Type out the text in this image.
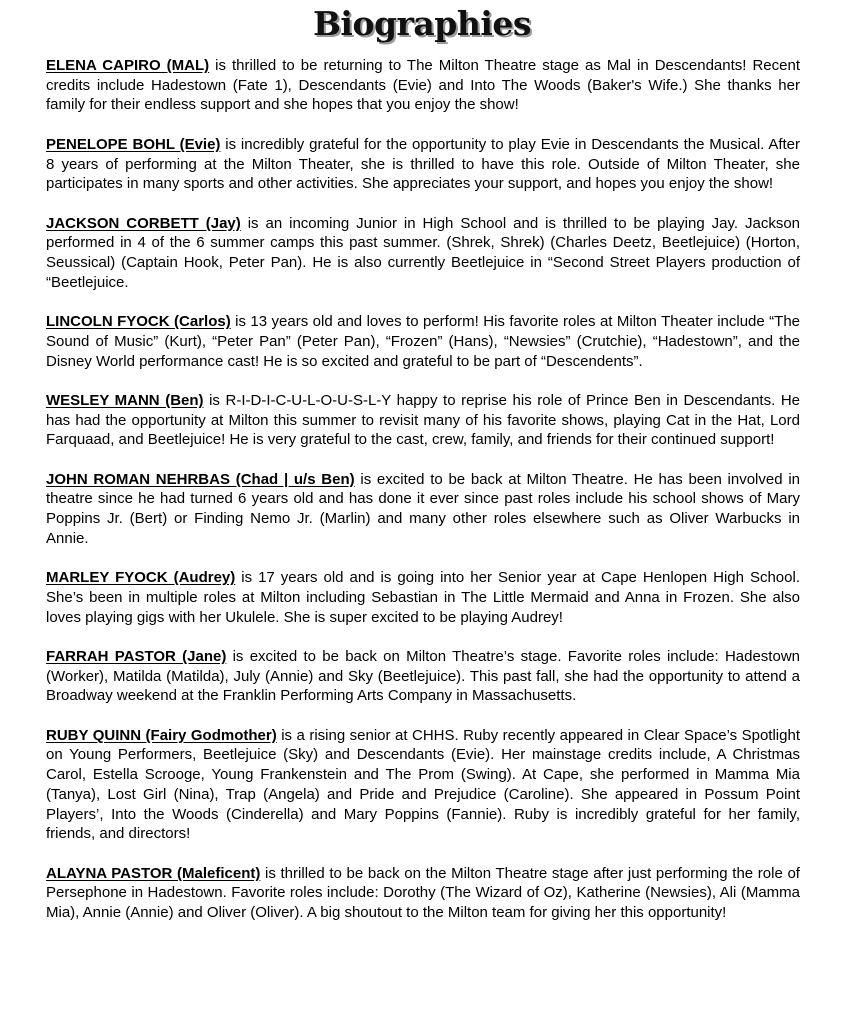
Biographies

ELENA CAPIRO (MAL) is thrilled to be returning to The Milton Theatre stage as Mal in Descendants! Recent credits include Hadestown (Fate 1), Descendants (Evie) and Into The Woods (Baker's Wife.) She thanks her family for their endless support and she hopes that you enjoy the show!

PENELOPE BOHL (Evie) is incredibly grateful for the opportunity to play Evie in Descendants the Musical. After 8 years of performing at the Milton Theater, she is thrilled to have this role. Outside of Milton Theater, she participates in many sports and other activities. She appreciates your support, and hopes you enjoy the show!

JACKSON CORBETT (Jay) is an incoming Junior in High School and is thrilled to be playing Jay. Jackson performed in 4 of the 6 summer camps this past summer. (Shrek, Shrek) (Charles Deetz, Beetlejuice) (Horton, Seussical) (Captain Hook, Peter Pan). He is also currently Beetlejuice in “Second Street Players production of “Beetlejuice.

LINCOLN FYOCK (Carlos) is 13 years old and loves to perform! His favorite roles at Milton Theater include “The Sound of Music” (Kurt), “Peter Pan” (Peter Pan), “Frozen” (Hans), “Newsies” (Crutchie), “Hadestown”, and the Disney World performance cast! He is so excited and grateful to be part of “Descendents”.

WESLEY MANN (Ben) is R-I-D-I-C-U-L-O-U-S-L-Y happy to reprise his role of Prince Ben in Descendants. He has had the opportunity at Milton this summer to revisit many of his favorite shows, playing Cat in the Hat, Lord Farquaad, and Beetlejuice! He is very grateful to the cast, crew, family, and friends for their continued support!

JOHN ROMAN NEHRBAS (Chad | u/s Ben) is excited to be back at Milton Theatre. He has been involved in theatre since he had turned 6 years old and has done it ever since past roles include his school shows of Mary Poppins Jr. (Bert) or Finding Nemo Jr. (Marlin) and many other roles elsewhere such as Oliver Warbucks in Annie.

MARLEY FYOCK (Audrey) is 17 years old and is going into her Senior year at Cape Henlopen High School. She’s been in multiple roles at Milton including Sebastian in The Little Mermaid and Anna in Frozen. She also loves playing gigs with her Ukulele. She is super excited to be playing Audrey!

FARRAH PASTOR (Jane) is excited to be back on Milton Theatre’s stage. Favorite roles include: Hadestown (Worker), Matilda (Matilda), July (Annie) and Sky (Beetlejuice). This past fall, she had the opportunity to attend a Broadway weekend at the Franklin Performing Arts Company in Massachusetts.

RUBY QUINN (Fairy Godmother) is a rising senior at CHHS. Ruby recently appeared in Clear Space’s Spotlight on Young Performers, Beetlejuice (Sky) and Descendants (Evie). Her mainstage credits include, A Christmas Carol, Estella Scrooge, Young Frankenstein and The Prom (Swing). At Cape, she performed in Mamma Mia (Tanya), Lost Girl (Nina), Trap (Angela) and Pride and Prejudice (Caroline). She appeared in Possum Point Players’, Into the Woods (Cinderella) and Mary Poppins (Fannie). Ruby is incredibly grateful for her family, friends, and directors!

ALAYNA PASTOR (Maleficent) is thrilled to be back on the Milton Theatre stage after just performing the role of Persephone in Hadestown. Favorite roles include: Dorothy (The Wizard of Oz), Katherine (Newsies), Ali (Mamma Mia), Annie (Annie) and Oliver (Oliver). A big shoutout to the Milton team for giving her this opportunity!
